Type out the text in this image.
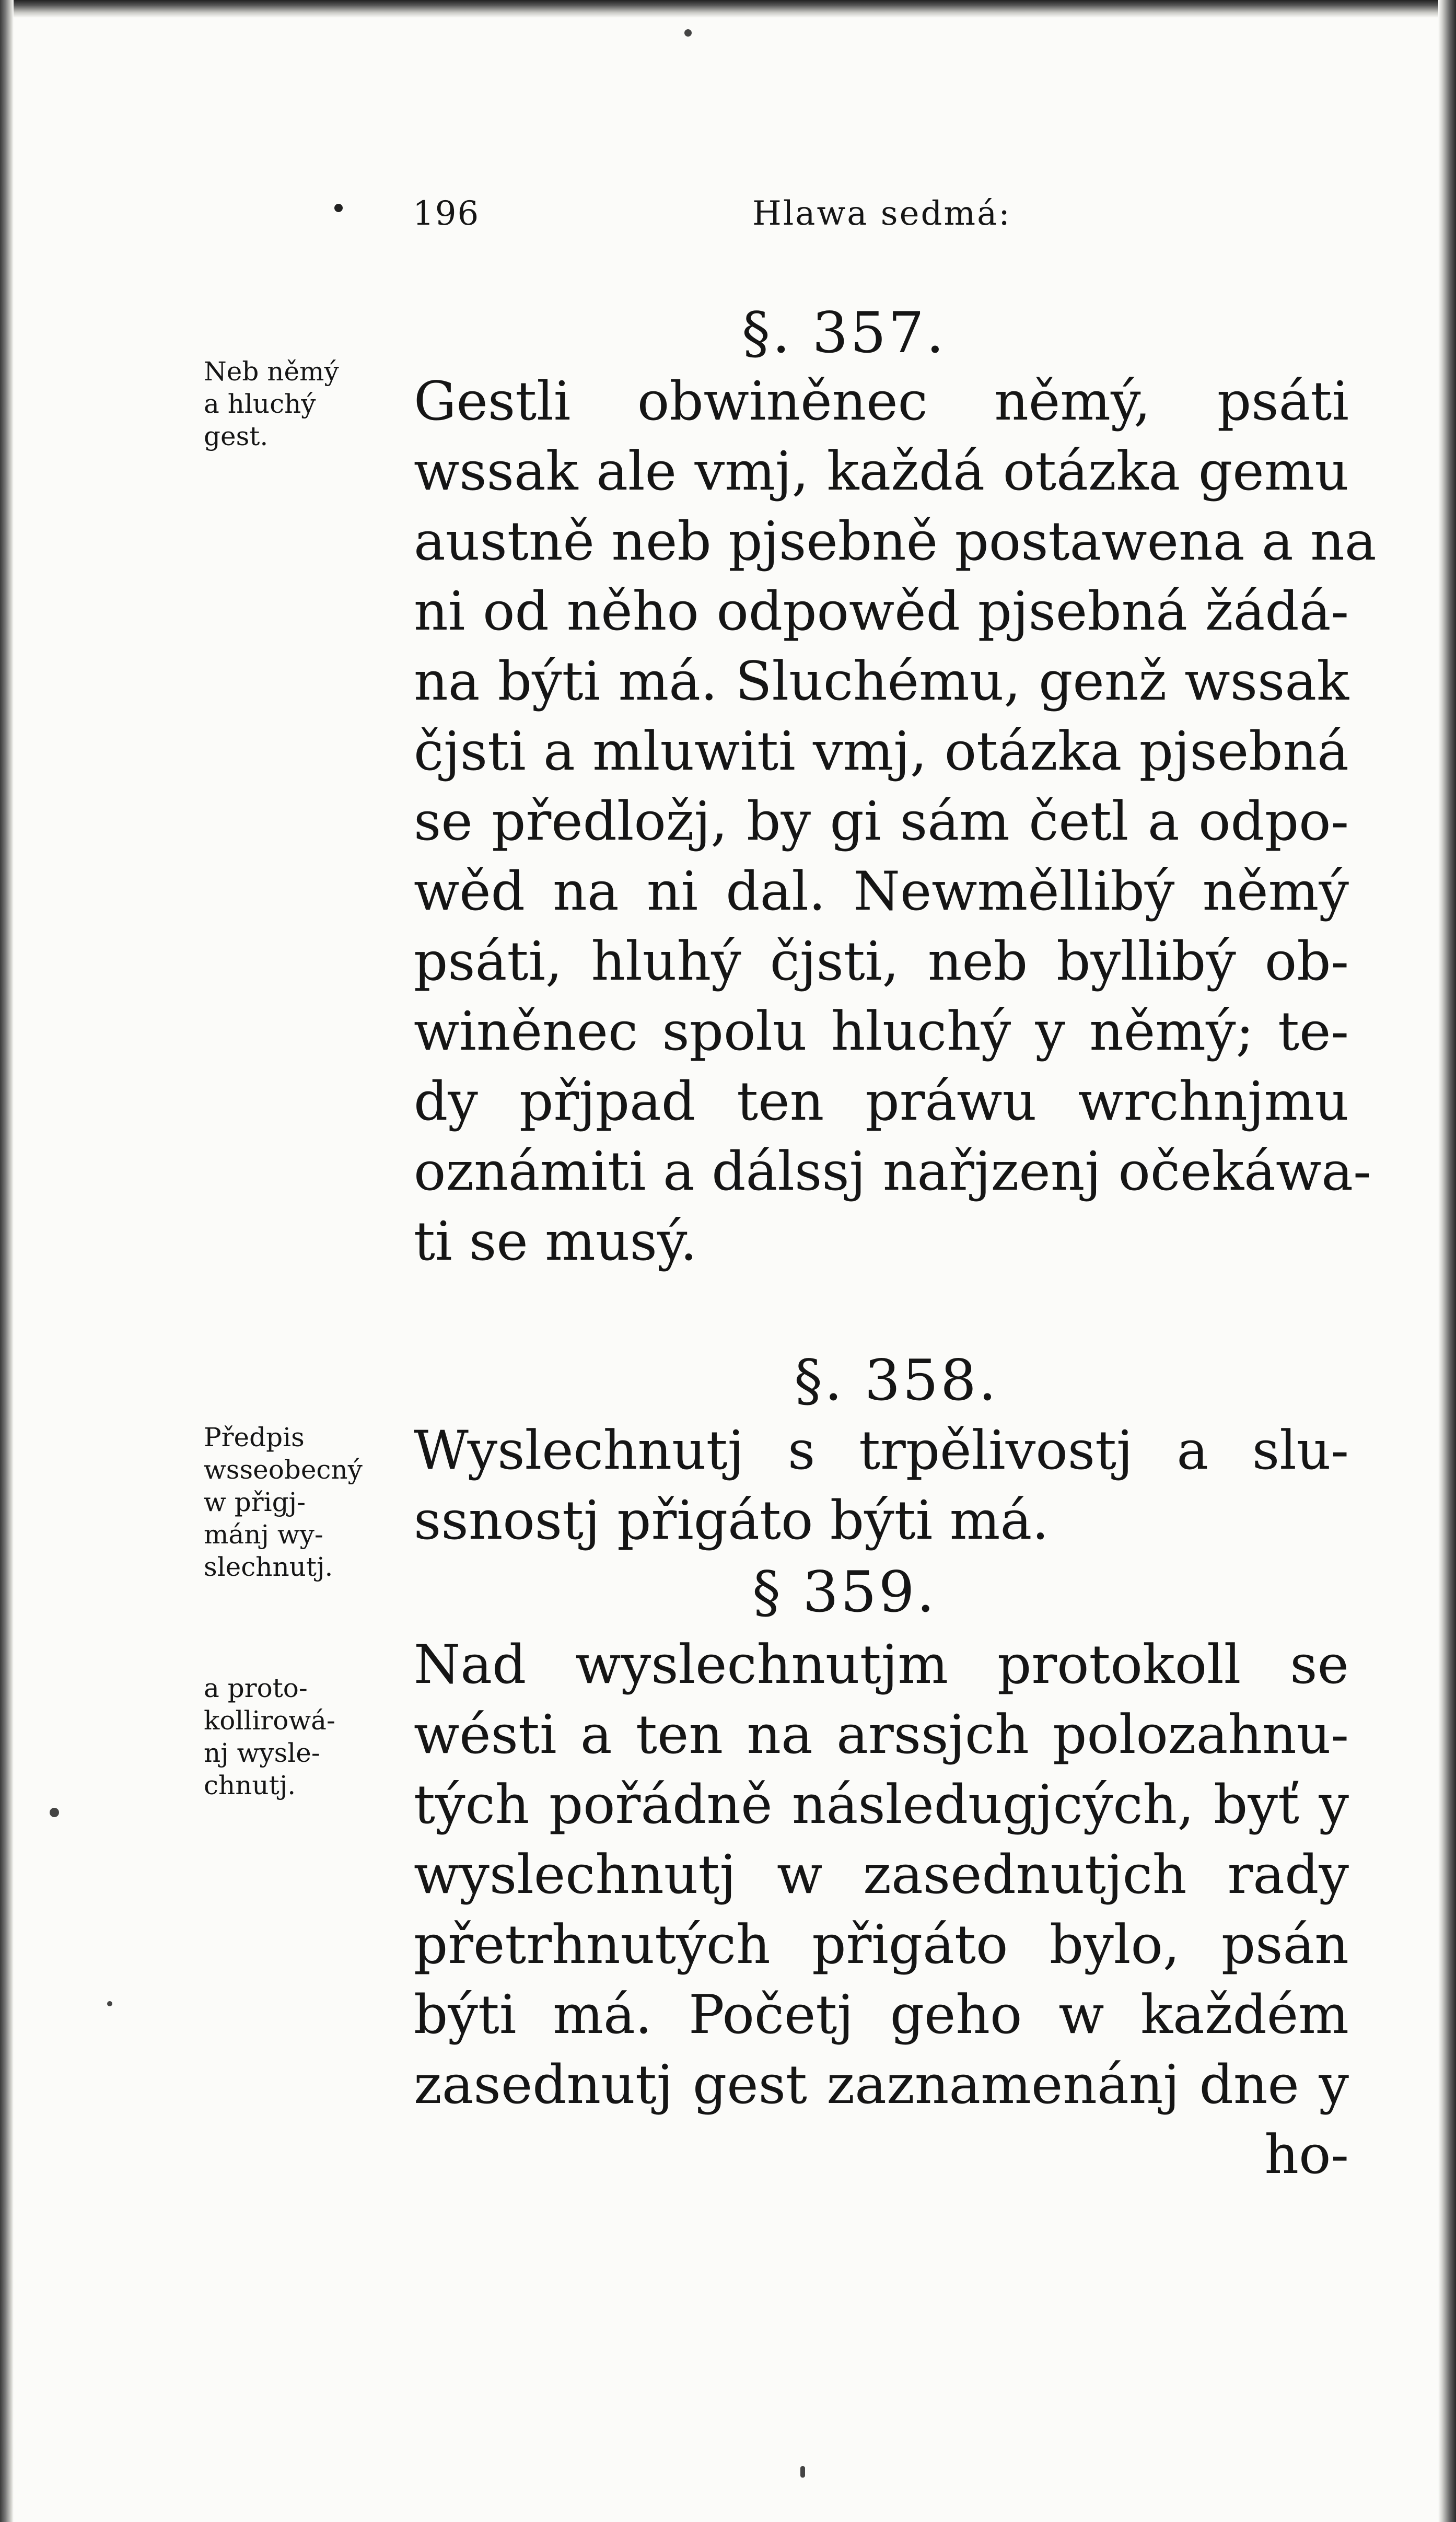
196	Hlawa sedmá:
§. 357.
Neb němý
a hluchý
gest.
Gestli obwiněnec němý, psáti
wssak ale vmj, každá otázka gemu
austně neb pjsebně postawena a na
ni od něho odpowěd pjsebná žádá-
na býti má. Sluchému, genž wssak
čjsti a mluwiti vmj, otázka pjsebná
se předložj, by gi sám četl a odpo-
wěd na ni dal. Newměllibý němý
psáti, hluhý čjsti, neb byllibý ob-
winěnec spolu hluchý y němý; te-
dy přjpad ten práwu wrchnjmu
oznámiti a dálssj nařjzenj očekáwa-
ti se musý.
§. 358.
Předpis
wsseobecný
w přigj-
mánj wy-
slechnutj.
Wyslechnutj s trpělivostj a slu-
ssnostj přigáto býti má.
§ 359.
a proto-
kollirowá-
nj wysle-
chnutj.
Nad wyslechnutjm protokoll se
wésti a ten na arssjch polozahnu-
tých pořádně následugjcých, byť y
wyslechnutj w zasednutjch rady
přetrhnutých přigáto bylo, psán
býti má. Početj geho w každém
zasednutj gest zaznamenánj dne y
ho-
